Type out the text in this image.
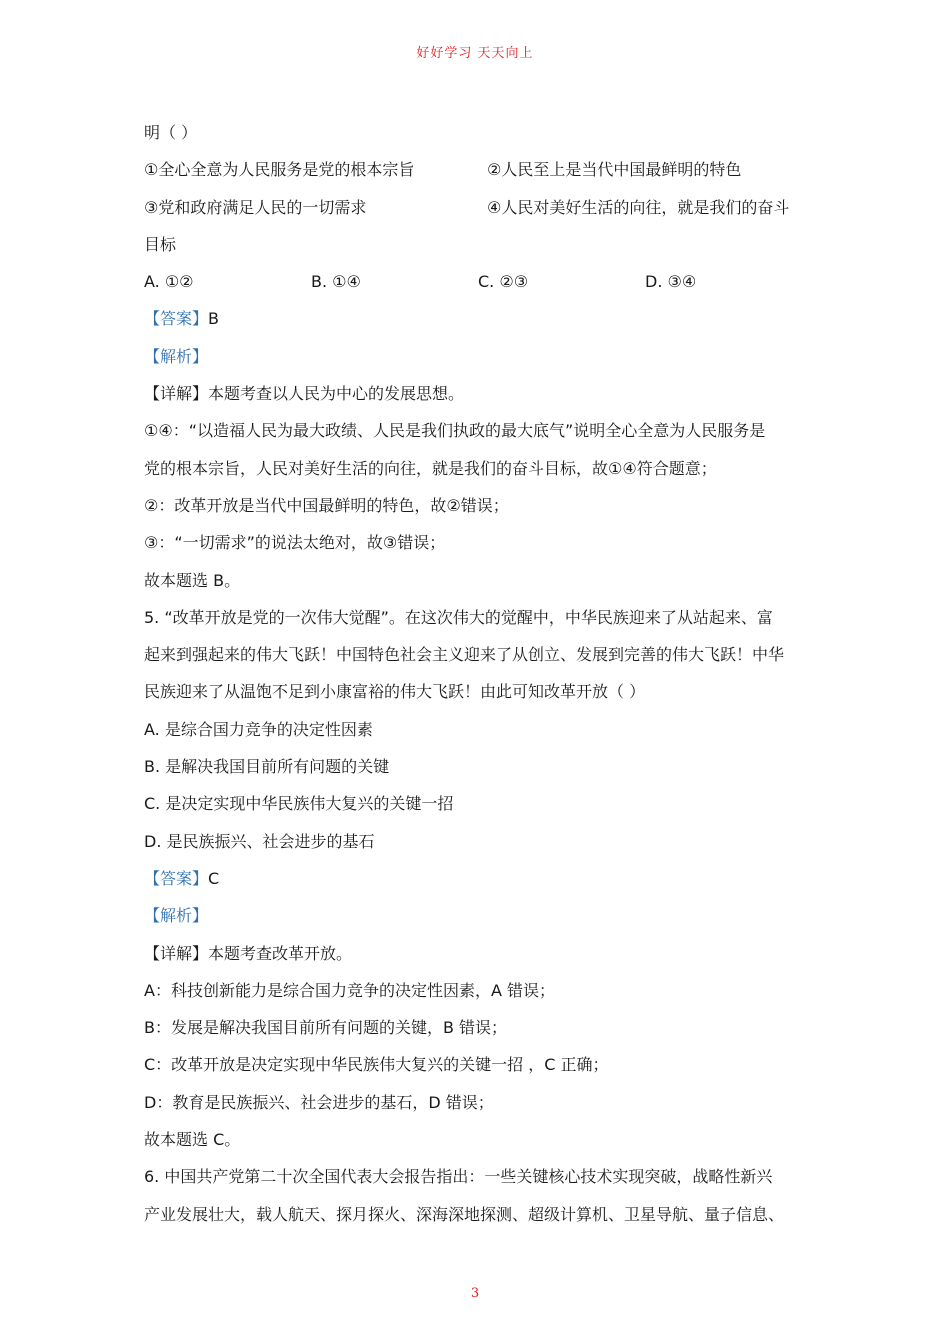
好好学习 天天向上
明（ ）
①全心全意为人民服务是党的根本宗旨	②人民至上是当代中国最鲜明的特色
③党和政府满足人民的一切需求	④人民对美好生活的向往，就是我们的奋斗
目标
A. ①②	B. ①④	C. ②③	D. ③④
【答案】B
【解析】
【详解】本题考查以人民为中心的发展思想。
①④：“以造福人民为最大政绩、人民是我们执政的最大底气”说明全心全意为人民服务是
党的根本宗旨，人民对美好生活的向往，就是我们的奋斗目标，故①④符合题意；
②：改革开放是当代中国最鲜明的特色，故②错误；
③：“一切需求”的说法太绝对，故③错误；
故本题选 B。
5. “改革开放是党的一次伟大觉醒”。在这次伟大的觉醒中，中华民族迎来了从站起来、富
起来到强起来的伟大飞跃！中国特色社会主义迎来了从创立、发展到完善的伟大飞跃！中华
民族迎来了从温饱不足到小康富裕的伟大飞跃！由此可知改革开放（ ）
A. 是综合国力竞争的决定性因素
B. 是解决我国目前所有问题的关键
C. 是决定实现中华民族伟大复兴的关键一招
D. 是民族振兴、社会进步的基石
【答案】C
【解析】
【详解】本题考查改革开放。
A：科技创新能力是综合国力竞争的决定性因素，A 错误；
B：发展是解决我国目前所有问题的关键，B 错误；
C：改革开放是决定实现中华民族伟大复兴的关键一招 ，C 正确；
D：教育是民族振兴、社会进步的基石，D 错误；
故本题选 C。
6. 中国共产党第二十次全国代表大会报告指出：一些关键核心技术实现突破，战略性新兴
产业发展壮大，载人航天、探月探火、深海深地探测、超级计算机、卫星导航、量子信息、
3
